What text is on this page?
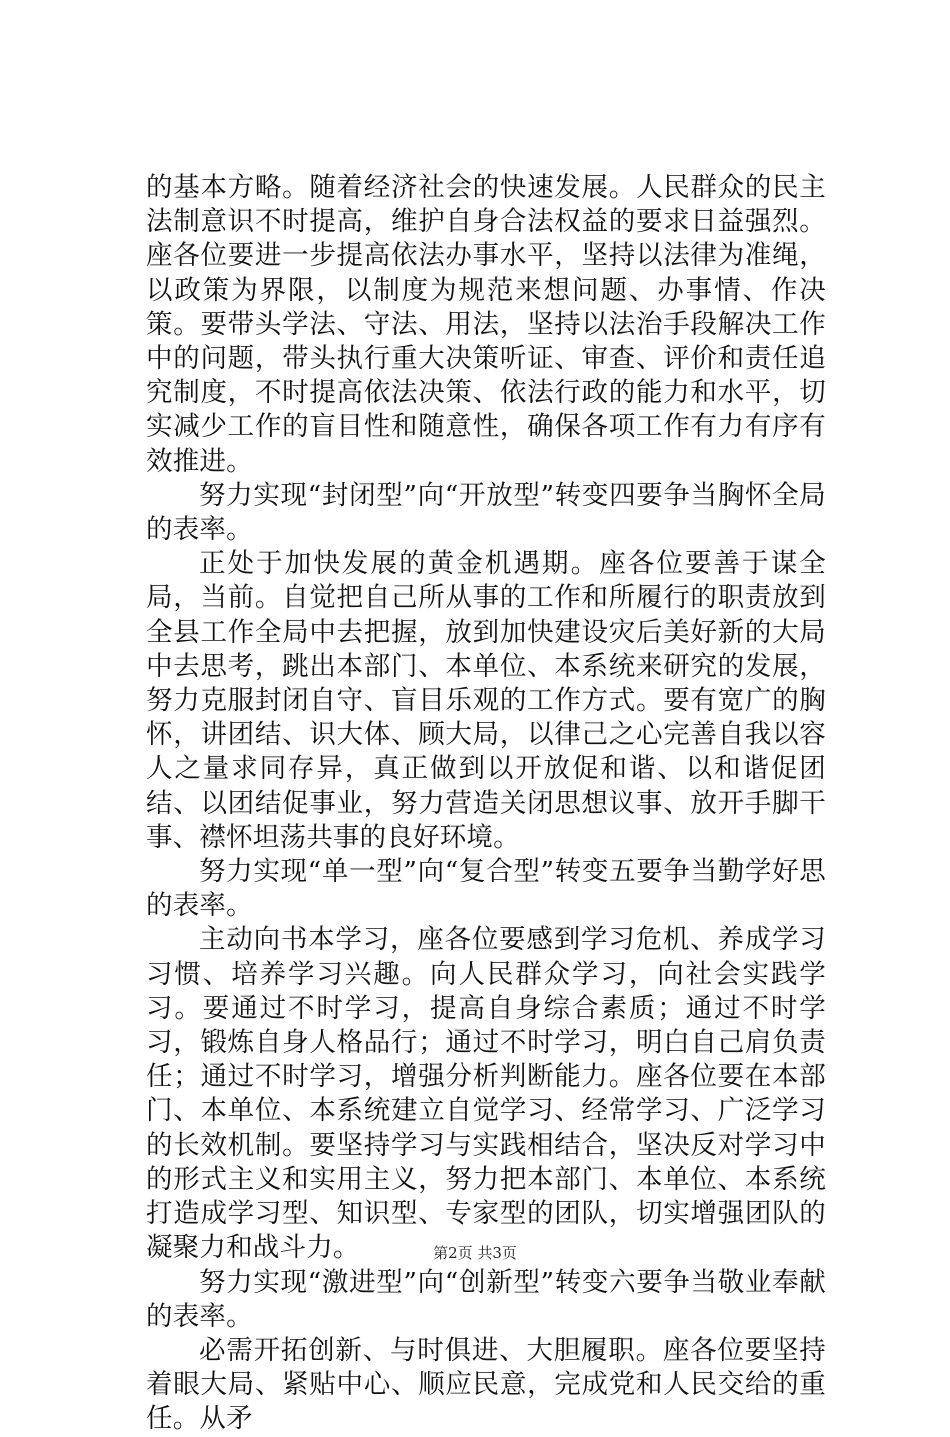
的基本方略。随着经济社会的快速发展。人民群众的民主法制意识不时提高，维护自身合法权益的要求日益强烈。座各位要进一步提高依法办事水平，坚持以法律为准绳，以政策为界限，以制度为规范来想问题、办事情、作决策。要带头学法、守法、用法，坚持以法治手段解决工作中的问题，带头执行重大决策听证、审查、评价和责任追究制度，不时提高依法决策、依法行政的能力和水平，切实减少工作的盲目性和随意性，确保各项工作有力有序有效推进。

努力实现“封闭型”向“开放型”转变四要争当胸怀全局的表率。

正处于加快发展的黄金机遇期。座各位要善于谋全局，当前。自觉把自己所从事的工作和所履行的职责放到全县工作全局中去把握，放到加快建设灾后美好新的大局中去思考，跳出本部门、本单位、本系统来研究的发展，努力克服封闭自守、盲目乐观的工作方式。要有宽广的胸怀，讲团结、识大体、顾大局，以律己之心完善自我以容人之量求同存异，真正做到以开放促和谐、以和谐促团结、以团结促事业，努力营造关闭思想议事、放开手脚干事、襟怀坦荡共事的良好环境。

努力实现“单一型”向“复合型”转变五要争当勤学好思的表率。

主动向书本学习，座各位要感到学习危机、养成学习习惯、培养学习兴趣。向人民群众学习，向社会实践学习。要通过不时学习，提高自身综合素质；通过不时学习，锻炼自身人格品行；通过不时学习，明白自己肩负责任；通过不时学习，增强分析判断能力。座各位要在本部门、本单位、本系统建立自觉学习、经常学习、广泛学习的长效机制。要坚持学习与实践相结合，坚决反对学习中的形式主义和实用主义，努力把本部门、本单位、本系统打造成学习型、知识型、专家型的团队，切实增强团队的凝聚力和战斗力。

努力实现“激进型”向“创新型”转变六要争当敬业奉献的表率。

必需开拓创新、与时俱进、大胆履职。座各位要坚持着眼大局、紧贴中心、顺应民意，完成党和人民交给的重任。从矛

第2页 共3页
